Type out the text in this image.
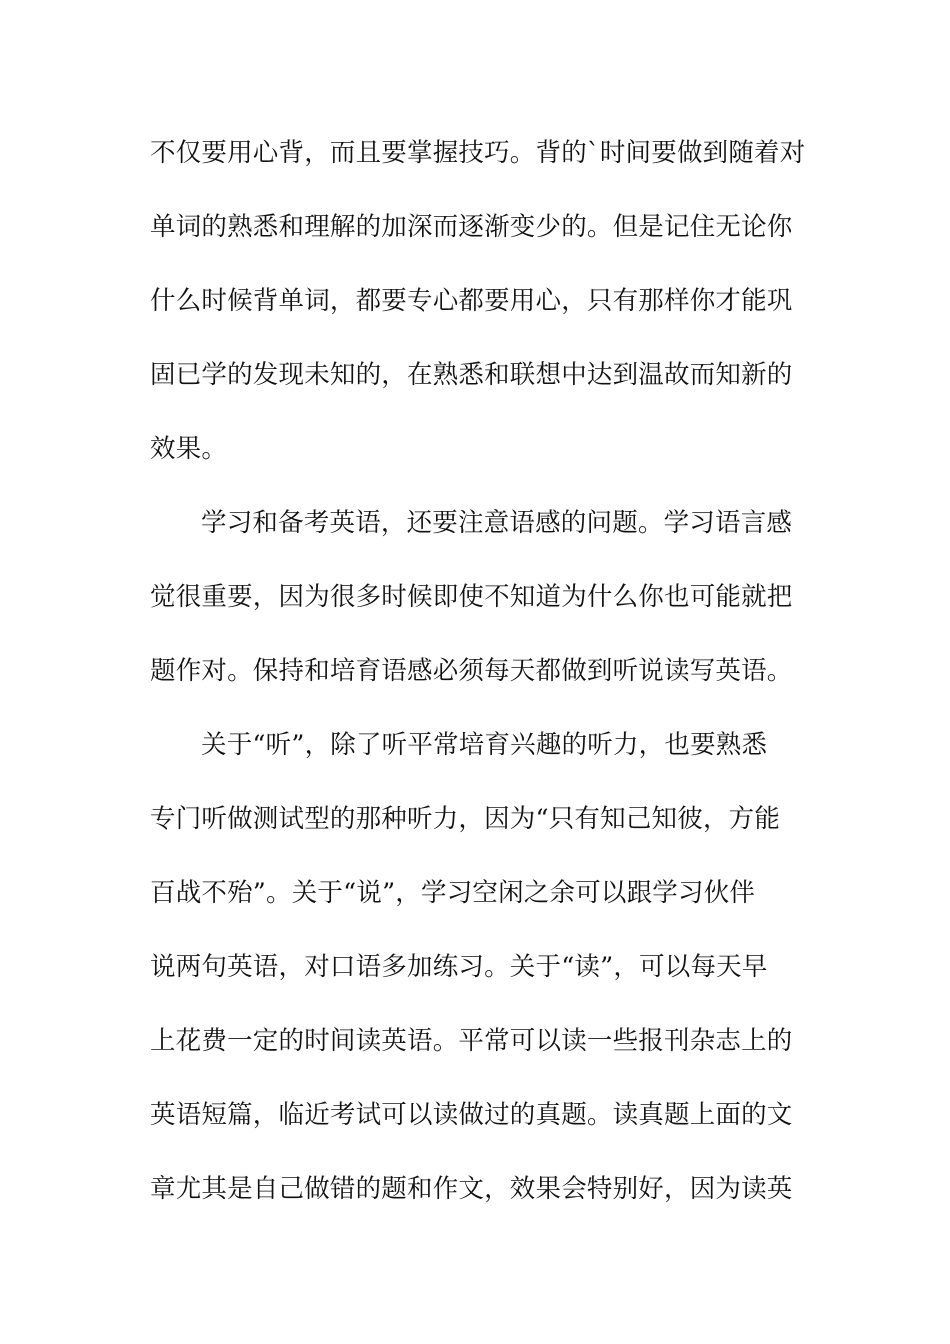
不仅要用心背，而且要掌握技巧。背的`时间要做到随着对
单词的熟悉和理解的加深而逐渐变少的。但是记住无论你
什么时候背单词，都要专心都要用心，只有那样你才能巩
固已学的发现未知的，在熟悉和联想中达到温故而知新的
效果。
学习和备考英语，还要注意语感的问题。学习语言感
觉很重要，因为很多时候即使不知道为什么你也可能就把
题作对。保持和培育语感必须每天都做到听说读写英语。
关于“听”，除了听平常培育兴趣的听力，也要熟悉
专门听做测试型的那种听力，因为“只有知己知彼，方能
百战不殆”。关于“说”，学习空闲之余可以跟学习伙伴
说两句英语，对口语多加练习。关于“读”，可以每天早
上花费一定的时间读英语。平常可以读一些报刊杂志上的
英语短篇，临近考试可以读做过的真题。读真题上面的文
章尤其是自己做错的题和作文，效果会特别好，因为读英
